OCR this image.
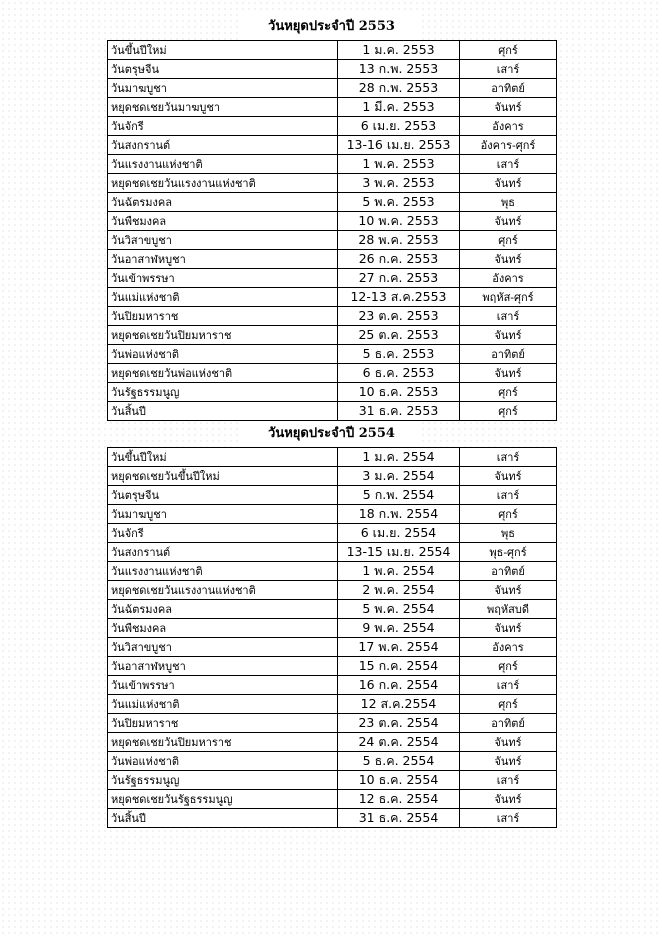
วันหยุดประจำปี 2553
วันขึ้นปีใหม่	1 ม.ค. 2553	ศุกร์
วันตรุษจีน	13 ก.พ. 2553	เสาร์
วันมาฆบูชา	28 ก.พ. 2553	อาทิตย์
หยุดชดเชยวันมาฆบูชา	1 มี.ค. 2553	จันทร์
วันจักรี	6 เม.ย. 2553	อังคาร
วันสงกรานต์	13-16 เม.ย. 2553	อังคาร-ศุกร์
วันแรงงานแห่งชาติ	1 พ.ค. 2553	เสาร์
หยุดชดเชยวันแรงงานแห่งชาติ	3 พ.ค. 2553	จันทร์
วันฉัตรมงคล	5 พ.ค. 2553	พุธ
วันพืชมงคล	10 พ.ค. 2553	จันทร์
วันวิสาขบูชา	28 พ.ค. 2553	ศุกร์
วันอาสาฬหบูชา	26 ก.ค. 2553	จันทร์
วันเข้าพรรษา	27 ก.ค. 2553	อังคาร
วันแม่แห่งชาติ	12-13 ส.ค.2553	พฤหัส-ศุกร์
วันปิยมหาราช	23 ต.ค. 2553	เสาร์
หยุดชดเชยวันปิยมหาราช	25 ต.ค. 2553	จันทร์
วันพ่อแห่งชาติ	5 ธ.ค. 2553	อาทิตย์
หยุดชดเชยวันพ่อแห่งชาติ	6 ธ.ค. 2553	จันทร์
วันรัฐธรรมนูญ	10 ธ.ค. 2553	ศุกร์
วันสิ้นปี	31 ธ.ค. 2553	ศุกร์
วันหยุดประจำปี 2554
วันขึ้นปีใหม่	1 ม.ค. 2554	เสาร์
หยุดชดเชยวันขึ้นปีใหม่	3 ม.ค. 2554	จันทร์
วันตรุษจีน	5 ก.พ. 2554	เสาร์
วันมาฆบูชา	18 ก.พ. 2554	ศุกร์
วันจักรี	6 เม.ย. 2554	พุธ
วันสงกรานต์	13-15 เม.ย. 2554	พุธ-ศุกร์
วันแรงงานแห่งชาติ	1 พ.ค. 2554	อาทิตย์
หยุดชดเชยวันแรงงานแห่งชาติ	2 พ.ค. 2554	จันทร์
วันฉัตรมงคล	5 พ.ค. 2554	พฤหัสบดี
วันพืชมงคล	9 พ.ค. 2554	จันทร์
วันวิสาขบูชา	17 พ.ค. 2554	อังคาร
วันอาสาฬหบูชา	15 ก.ค. 2554	ศุกร์
วันเข้าพรรษา	16 ก.ค. 2554	เสาร์
วันแม่แห่งชาติ	12 ส.ค.2554	ศุกร์
วันปิยมหาราช	23 ต.ค. 2554	อาทิตย์
หยุดชดเชยวันปิยมหาราช	24 ต.ค. 2554	จันทร์
วันพ่อแห่งชาติ	5 ธ.ค. 2554	จันทร์
วันรัฐธรรมนูญ	10 ธ.ค. 2554	เสาร์
หยุดชดเชยวันรัฐธรรมนูญ	12 ธ.ค. 2554	จันทร์
วันสิ้นปี	31 ธ.ค. 2554	เสาร์
